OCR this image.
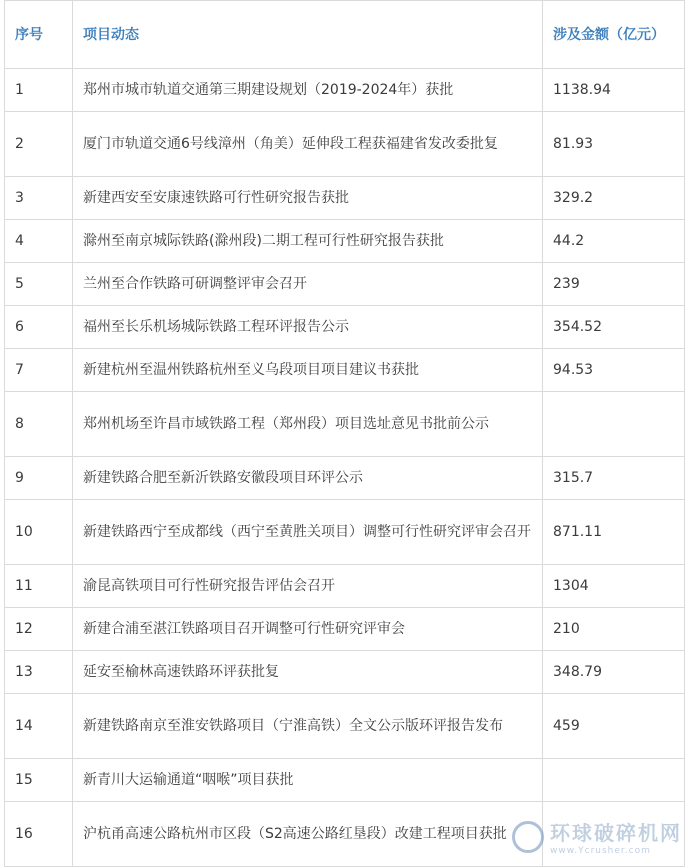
序号	项目动态	涉及金额（亿元）
1	郑州市城市轨道交通第三期建设规划（2019-2024年）获批	1138.94
2	厦门市轨道交通6号线漳州（角美）延伸段工程获福建省发改委批复	81.93
3	新建西安至安康速铁路可行性研究报告获批	329.2
4	滁州至南京城际铁路(滁州段)二期工程可行性研究报告获批	44.2
5	兰州至合作铁路可研调整评审会召开	239
6	福州至长乐机场城际铁路工程环评报告公示	354.52
7	新建杭州至温州铁路杭州至义乌段项目项目建议书获批	94.53
8	郑州机场至许昌市域铁路工程（郑州段）项目选址意见书批前公示	
9	新建铁路合肥至新沂铁路安徽段项目环评公示	315.7
10	新建铁路西宁至成都线（西宁至黄胜关项目）调整可行性研究评审会召开	871.11
11	渝昆高铁项目可行性研究报告评估会召开	1304
12	新建合浦至湛江铁路项目召开调整可行性研究评审会	210
13	延安至榆林高速铁路环评获批复	348.79
14	新建铁路南京至淮安铁路项目（宁淮高铁）全文公示版环评报告发布	459
15	新青川大运输通道“咽喉”项目获批	
16	沪杭甬高速公路杭州市区段（S2高速公路红垦段）改建工程项目获批	环球破碎机网
www.Ycrusher.com
